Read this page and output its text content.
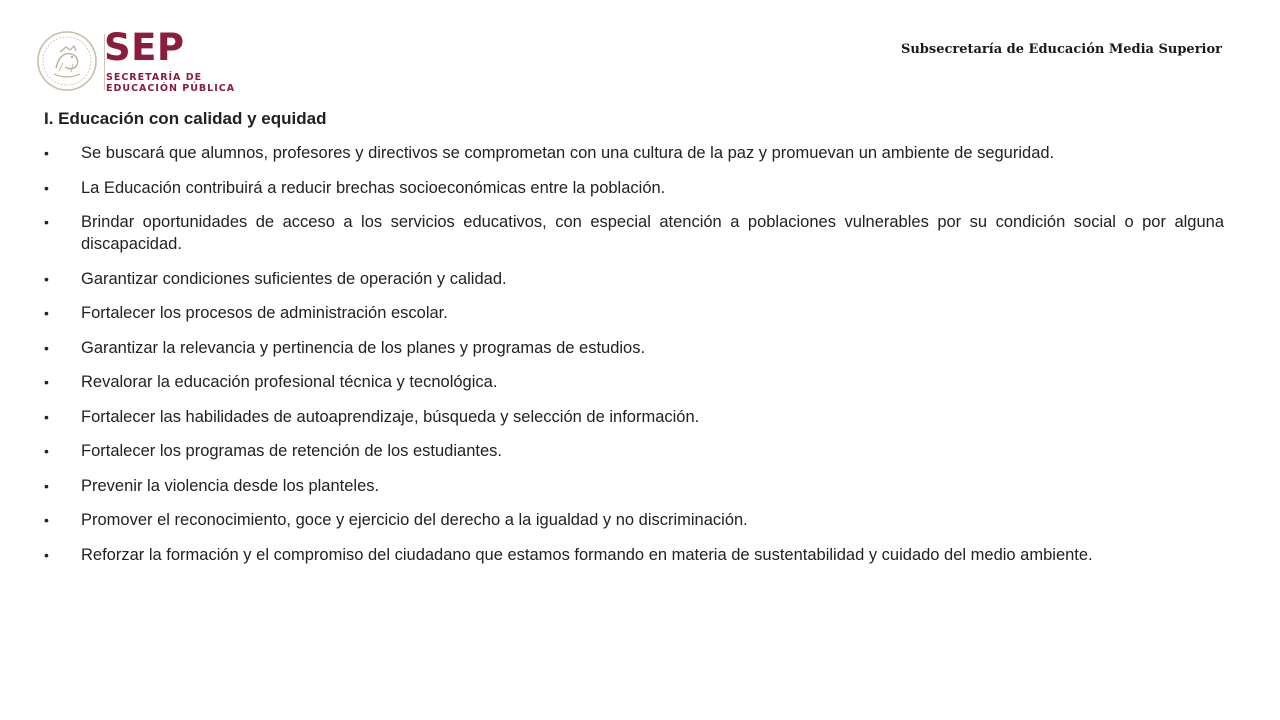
SEP
SECRETARÍA DE
EDUCACIÓN PÚBLICA
Subsecretaría de Educación Media Superior
I. Educación con calidad y equidad
•	Se buscará que alumnos, profesores y directivos se comprometan con una cultura de la paz y promuevan un ambiente de seguridad.
•	La Educación contribuirá a reducir brechas socioeconómicas entre la población.
•	Brindar oportunidades de acceso a los servicios educativos, con especial atención a poblaciones vulnerables por su condición social o por alguna discapacidad.
•	Garantizar condiciones suficientes de operación y calidad.
•	Fortalecer los procesos de administración escolar.
•	Garantizar la relevancia y pertinencia de los planes y programas de estudios.
•	Revalorar la educación profesional técnica y tecnológica.
•	Fortalecer las habilidades de autoaprendizaje, búsqueda y selección de información.
•	Fortalecer los programas de retención de los estudiantes.
•	Prevenir la violencia desde los planteles.
•	Promover el reconocimiento, goce y ejercicio del derecho a la igualdad y no discriminación.
•	Reforzar la formación y el compromiso del ciudadano que estamos formando en materia de sustentabilidad y cuidado del medio ambiente.
